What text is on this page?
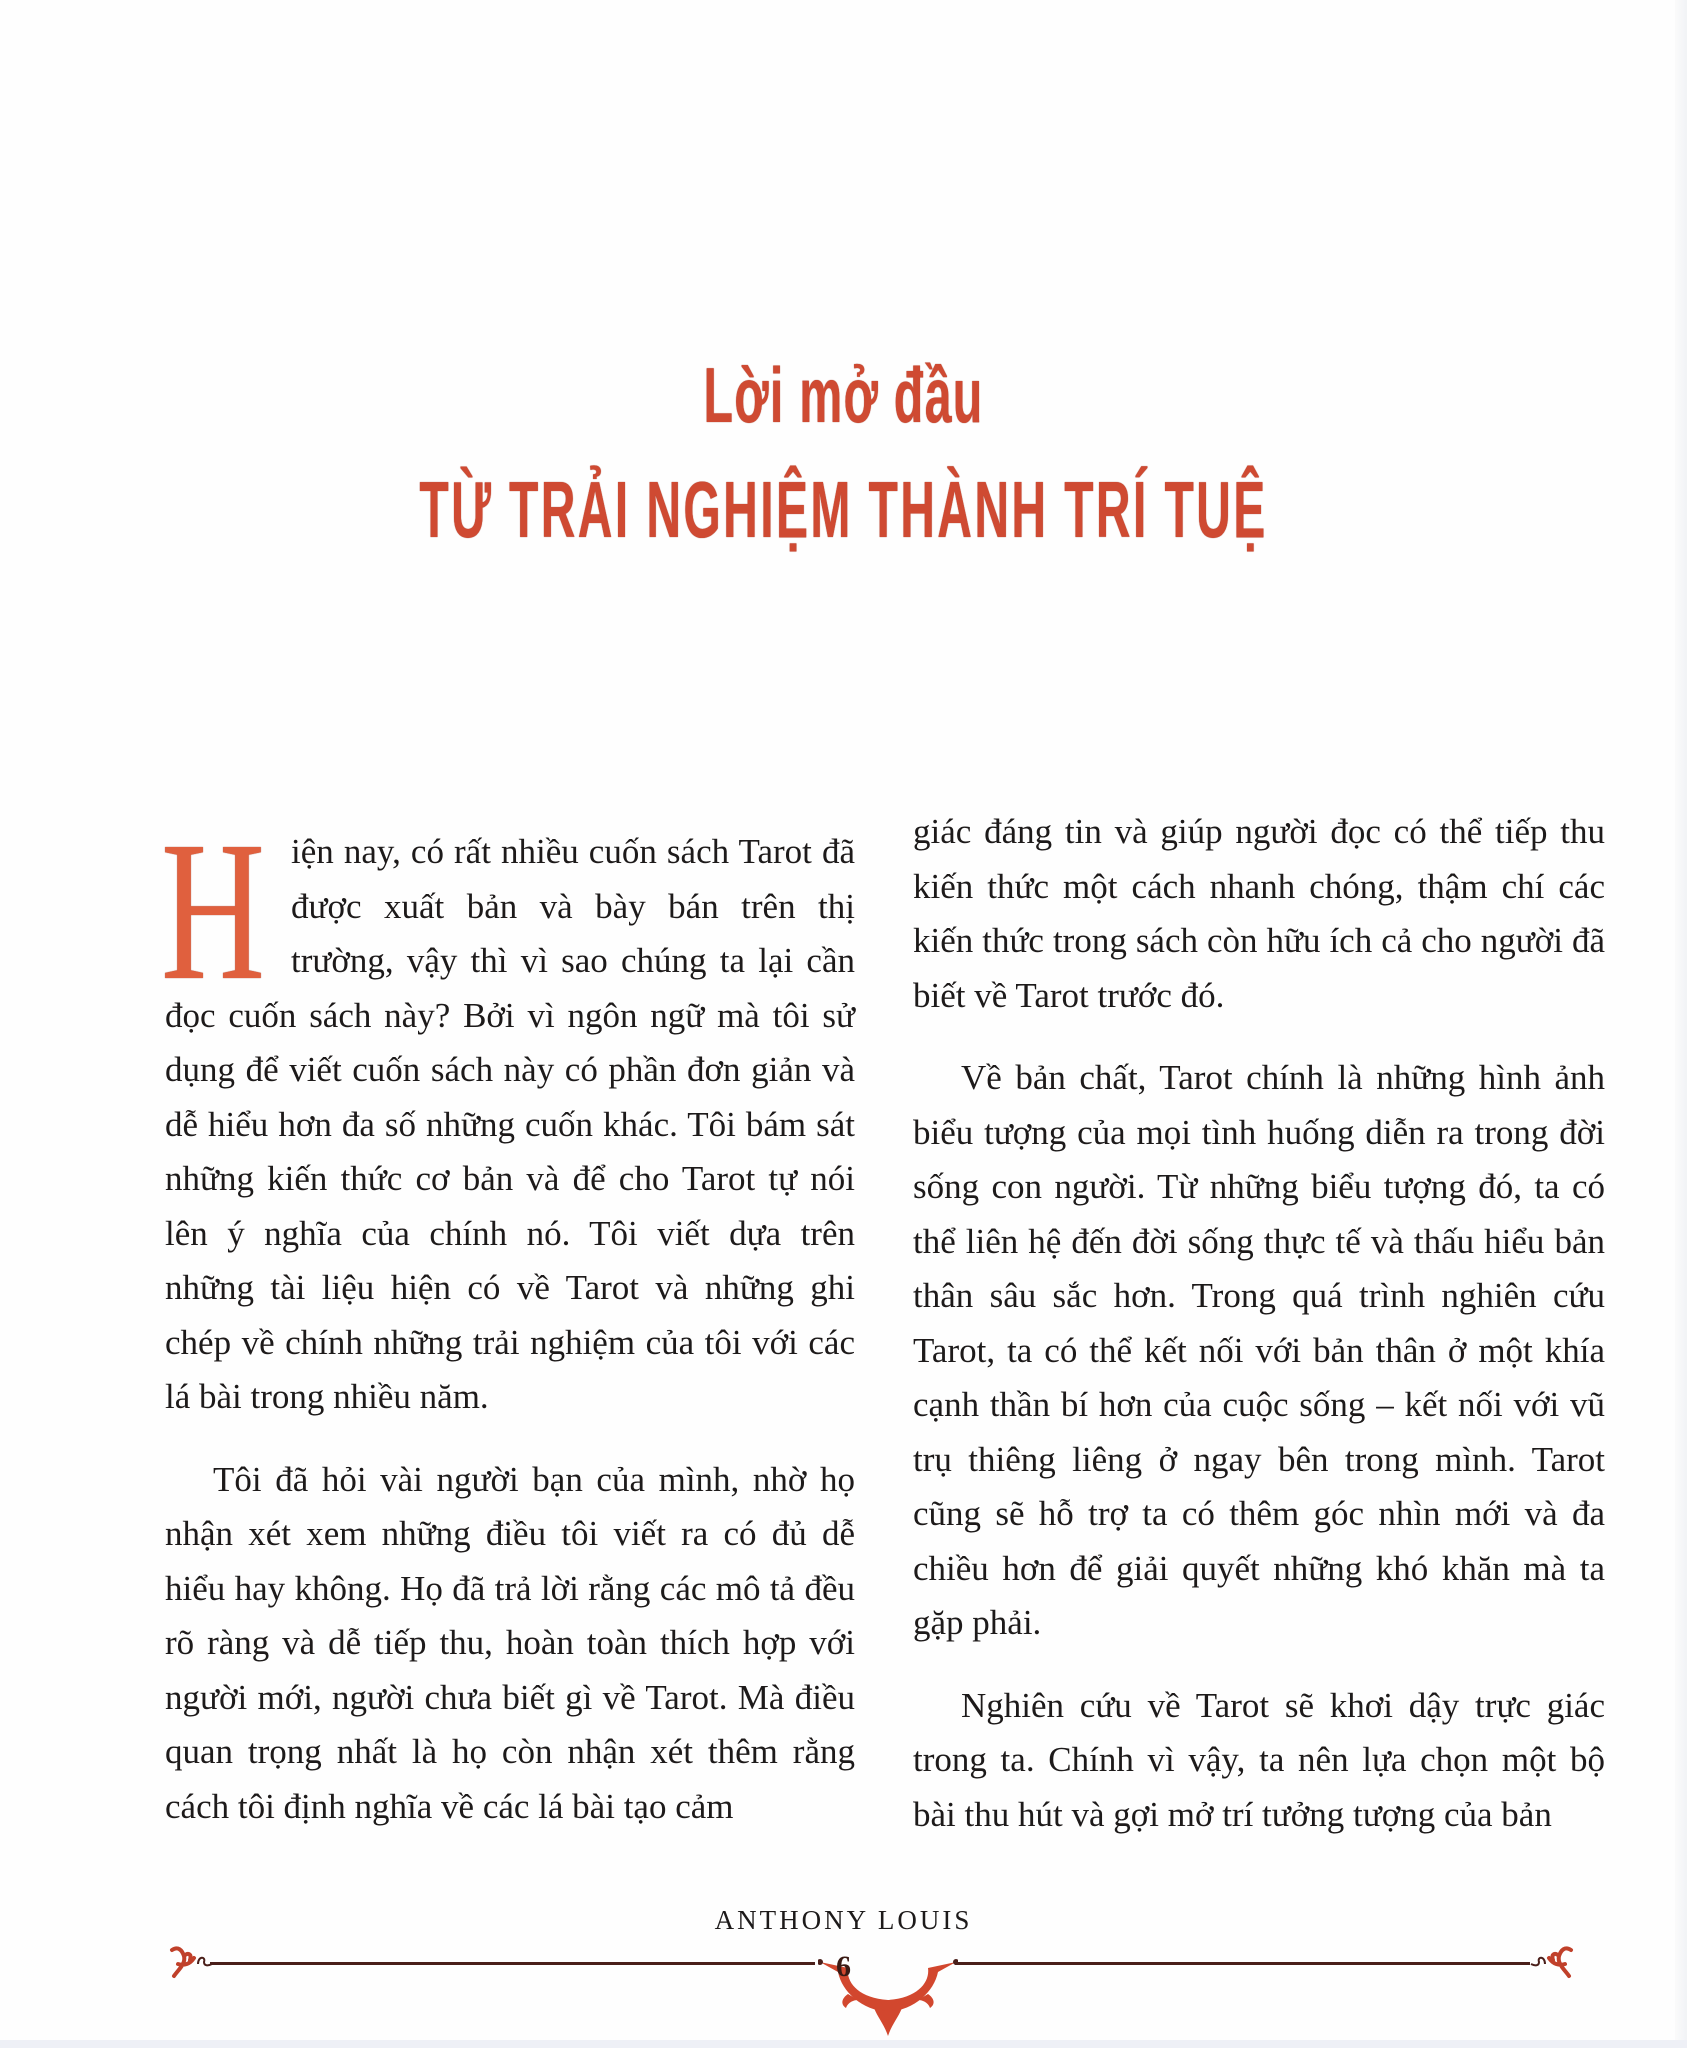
Lời mở đầu
TỪ TRẢI NGHIỆM THÀNH TRÍ TUỆ

Hiện nay, có rất nhiều cuốn sách Tarot đã được xuất bản và bày bán trên thị trường, vậy thì vì sao chúng ta lại cần đọc cuốn sách này? Bởi vì ngôn ngữ mà tôi sử dụng để viết cuốn sách này có phần đơn giản và dễ hiểu hơn đa số những cuốn khác. Tôi bám sát những kiến thức cơ bản và để cho Tarot tự nói lên ý nghĩa của chính nó. Tôi viết dựa trên những tài liệu hiện có về Tarot và những ghi chép về chính những trải nghiệm của tôi với các lá bài trong nhiều năm.

Tôi đã hỏi vài người bạn của mình, nhờ họ nhận xét xem những điều tôi viết ra có đủ dễ hiểu hay không. Họ đã trả lời rằng các mô tả đều rõ ràng và dễ tiếp thu, hoàn toàn thích hợp với người mới, người chưa biết gì về Tarot. Mà điều quan trọng nhất là họ còn nhận xét thêm rằng cách tôi định nghĩa về các lá bài tạo cảm

giác đáng tin và giúp người đọc có thể tiếp thu kiến thức một cách nhanh chóng, thậm chí các kiến thức trong sách còn hữu ích cả cho người đã biết về Tarot trước đó.

Về bản chất, Tarot chính là những hình ảnh biểu tượng của mọi tình huống diễn ra trong đời sống con người. Từ những biểu tượng đó, ta có thể liên hệ đến đời sống thực tế và thấu hiểu bản thân sâu sắc hơn. Trong quá trình nghiên cứu Tarot, ta có thể kết nối với bản thân ở một khía cạnh thần bí hơn của cuộc sống – kết nối với vũ trụ thiêng liêng ở ngay bên trong mình. Tarot cũng sẽ hỗ trợ ta có thêm góc nhìn mới và đa chiều hơn để giải quyết những khó khăn mà ta gặp phải.

Nghiên cứu về Tarot sẽ khơi dậy trực giác trong ta. Chính vì vậy, ta nên lựa chọn một bộ bài thu hút và gợi mở trí tưởng tượng của bản

ANTHONY LOUIS
6
